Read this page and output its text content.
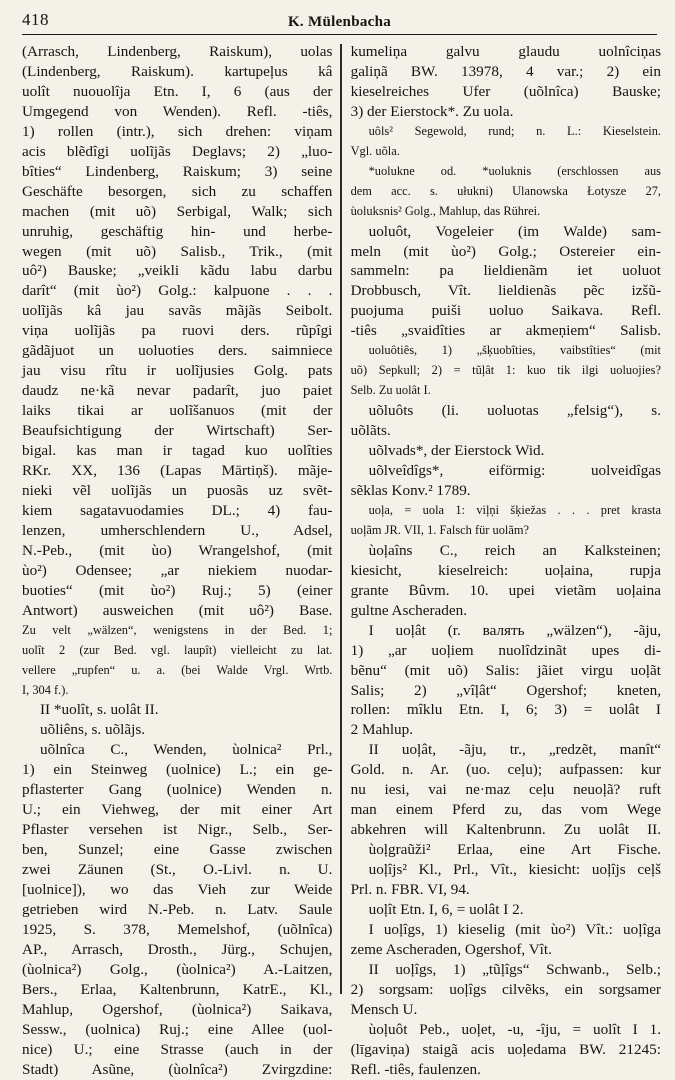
418	K. Mülenbacha
(Arrasch, Lindenberg, Raiskum), uolas
(Lindenberg, Raiskum). kartupeļus kâ
uolît nuouolîja Etn. I, 6 (aus der
Umgegend von Wenden). Refl. -tiês,
1) rollen (intr.), sich drehen: viņam
acis blẽdîgi uolĩjãs Deglavs; 2) „luo-
bîties“ Lindenberg, Raiskum; 3) seine
Geschäfte besorgen, sich zu schaffen
machen (mit uõ) Serbigal, Walk; sich
unruhig, geschäftig hin- und herbe-
wegen (mit uõ) Salisb., Trik., (mit
uô²) Bauske; „veikli kãdu labu darbu
darît“ (mit ùo²) Golg.: kalpuone . . .
uolĩjãs kâ jau savãs mãjãs Seibolt.
viņa uolĩjãs pa ruovi ders. rũpîgi
gãdãjuot un uoluoties ders. saimniece
jau visu rîtu ir uolĩjusies Golg. pats
daudz ne·kã nevar padarît, juo paiet
laiks tikai ar uolĩšanuos (mit der
Beaufsichtigung der Wirtschaft) Ser-
bigal. kas man ir tagad kuo uolîties
RKr. XX, 136 (Lapas Mārtiņš). mãje-
nieki vẽl uolĩjãs un puosãs uz svẽt-
kiem sagatavuodamies DL.; 4) fau-
lenzen, umherschlendern U., Adsel,
N.-Peb., (mit ùo) Wrangelshof, (mit
ùo²) Odensee; „ar niekiem nuodar-
buoties“ (mit ùo²) Ruj.; 5) (einer
Antwort) ausweichen (mit uô²) Base.
Zu velt „wälzen“, wenigstens in der Bed. 1;
uolît 2 (zur Bed. vgl. laupît) vielleicht zu lat.
vellere „rupfen“ u. a. (bei Walde Vrgl. Wrtb.
I, 304 f.).
II *uolît, s. uolât II.
uõliêns, s. uõlãjs.
uõlnîca C., Wenden, ùolnica² Prl.,
1) ein Steinweg (uolnice) L.; ein ge-
pflasterter Gang (uolnice) Wenden n.
U.; ein Viehweg, der mit einer Art
Pflaster versehen ist Nigr., Selb., Ser-
ben, Sunzel; eine Gasse zwischen
zwei Zäunen (St., O.-Livl. n. U.
[uolnice]), wo das Vieh zur Weide
getrieben wird N.-Peb. n. Latv. Saule
1925, S. 378, Memelshof, (uõlnîca)
AP., Arrasch, Drosth., Jürg., Schujen,
(ùolnica²) Golg., (ùolnica²) A.-Laitzen,
Bers., Erlaa, Kaltenbrunn, KatrE., Kl.,
Mahlup, Ogershof, (ùolnica²) Saikava,
Sessw., (uolnica) Ruj.; eine Allee (uol-
nice) U.; eine Strasse (auch in der
Stadt) Asũne, (ùolnîca²) Zvirgzdine:
kumeliņa galvu glaudu uolnîciņas
galiņã BW. 13978, 4 var.; 2) ein
kieselreiches Ufer (uõlnîca) Bauske;
3) der Eierstock*. Zu uola.
uôls² Segewold, rund; n. L.: Kieselstein.
Vgl. uõla.
*uolukne od. *uoluknis (erschlossen aus
dem acc. s. ułukni) Ulanowska Łotysze 27,
ùoluksnis² Golg., Mahlup, das Rührei.
uoluôt, Vogeleier (im Walde) sam-
meln (mit ùo²) Golg.; Ostereier ein-
sammeln: pa lieldienãm iet uoluot
Drobbusch, Vît. lieldienãs pẽc izšũ-
puojuma puiši uoluo Saikava. Refl.
-tiês „svaidîties ar akmeņiem“ Salisb.
uoluôtiês, 1) „šķuobîties, vaibstîties“ (mit
uõ) Sepkull; 2) = tũļât 1: kuo tik ilgi uoluojies?
Selb. Zu uolât I.
uõluôts (li. uoluotas „felsig“), s.
uõlãts.
uõlvads*, der Eierstock Wid.
uõlveîdîgs*, eiförmig: uolveidîgas
sẽklas Konv.² 1789.
uoļa, = uola 1: viļņi šķiežas . . . pret krasta
uoļãm JR. VII, 1. Falsch für uolãm?
ùoļaîns C., reich an Kalksteinen;
kiesicht, kieselreich: uoļaina, rupja
grante Bûvm. 10. upei vietãm uoļaina
gultne Ascheraden.
I uoļât (r. валять „wälzen“), -ãju,
1) „ar uoļiem nuolîdzinãt upes di-
bẽnu“ (mit uõ) Salis: jãiet virgu uoļãt
Salis; 2) „vîļât“ Ogershof; kneten,
rollen: mîklu Etn. I, 6; 3) = uolât I
2 Mahlup.
II uoļât, -ãju, tr., „redzẽt, manît“
Gold. n. Ar. (uo. ceļu); aufpassen: kur
nu iesi, vai ne·maz ceļu neuoļã? ruft
man einem Pferd zu, das vom Wege
abkehren will Kaltenbrunn. Zu uolât II.
ùoļgraũži² Erlaa, eine Art Fische.
uoļîjs² Kl., Prl., Vît., kiesicht: uoļîjs ceļš
Prl. n. FBR. VI, 94.
uoļît Etn. I, 6, = uolât I 2.
I uoļîgs, 1) kieselig (mit ùo²) Vît.: uoļîga
zeme Ascheraden, Ogershof, Vît.
II uoļîgs, 1) „tũļîgs“ Schwanb., Selb.;
2) sorgsam: uoļîgs cilvẽks, ein sorgsamer
Mensch U.
ùoļuôt Peb., uoļet, -u, -îju, = uolît I 1.
(līgaviņa) staigã acis uoļedama BW. 21245:
Refl. -tiês, faulenzen.
